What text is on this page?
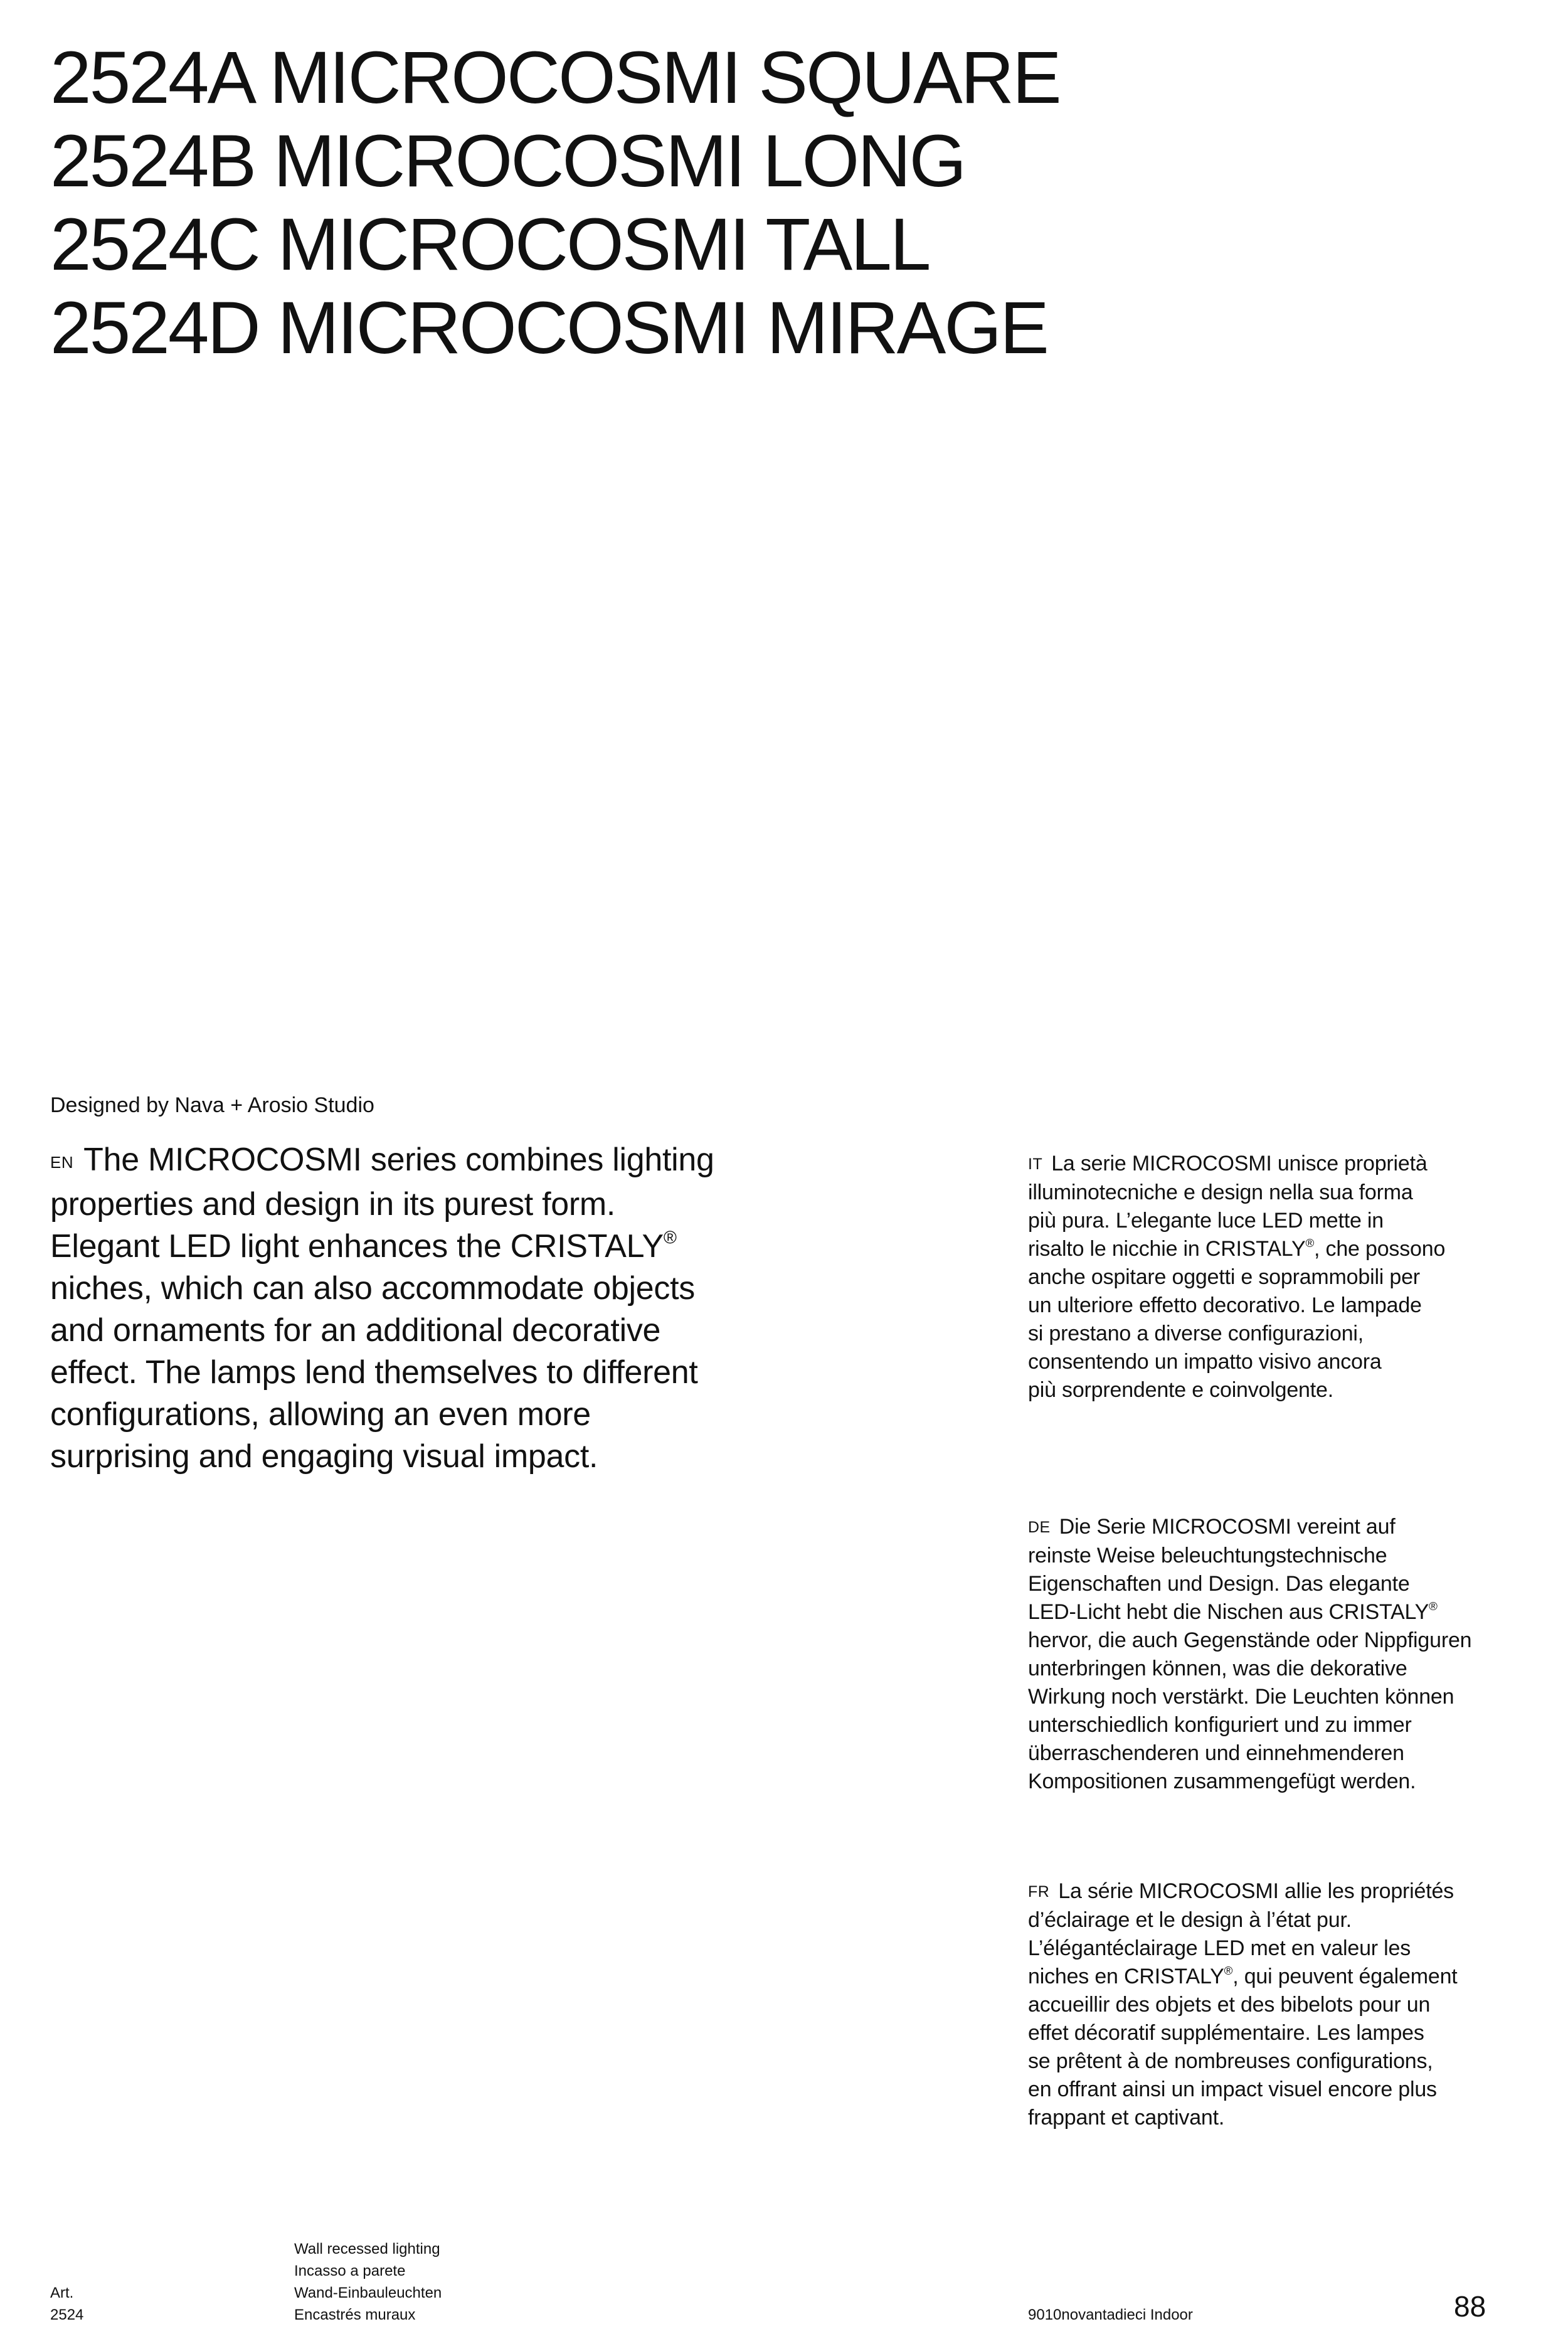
2524A MICROCOSMI SQUARE
2524B MICROCOSMI LONG
2524C MICROCOSMI TALL
2524D MICROCOSMI MIRAGE
Designed by Nava + Arosio Studio
EN The MICROCOSMI series combines lighting
properties and design in its purest form.
Elegant LED light enhances the CRISTALY®
niches, which can also accommodate objects
and ornaments for an additional decorative
effect. The lamps lend themselves to different
configurations, allowing an even more
surprising and engaging visual impact.
IT La serie MICROCOSMI unisce proprietà
illuminotecniche e design nella sua forma
più pura. L’elegante luce LED mette in
risalto le nicchie in CRISTALY®, che possono
anche ospitare oggetti e soprammobili per
un ulteriore effetto decorativo. Le lampade
si prestano a diverse configurazioni,
consentendo un impatto visivo ancora
più sorprendente e coinvolgente.
DE Die Serie MICROCOSMI vereint auf
reinste Weise beleuchtungstechnische
Eigenschaften und Design. Das elegante
LED-Licht hebt die Nischen aus CRISTALY®
hervor, die auch Gegenstände oder Nippfiguren
unterbringen können, was die dekorative
Wirkung noch verstärkt. Die Leuchten können
unterschiedlich konfiguriert und zu immer
überraschenderen und einnehmenderen
Kompositionen zusammengefügt werden.
FR La série MICROCOSMI allie les propriétés
d’éclairage et le design à l’état pur.
L’élégantéclairage LED met en valeur les
niches en CRISTALY®, qui peuvent également
accueillir des objets et des bibelots pour un
effet décoratif supplémentaire. Les lampes
se prêtent à de nombreuses configurations,
en offrant ainsi un impact visuel encore plus
frappant et captivant.
Art.
2524
Wall recessed lighting
Incasso a parete
Wand-Einbauleuchten
Encastrés muraux	9010novantadieci Indoor	88
